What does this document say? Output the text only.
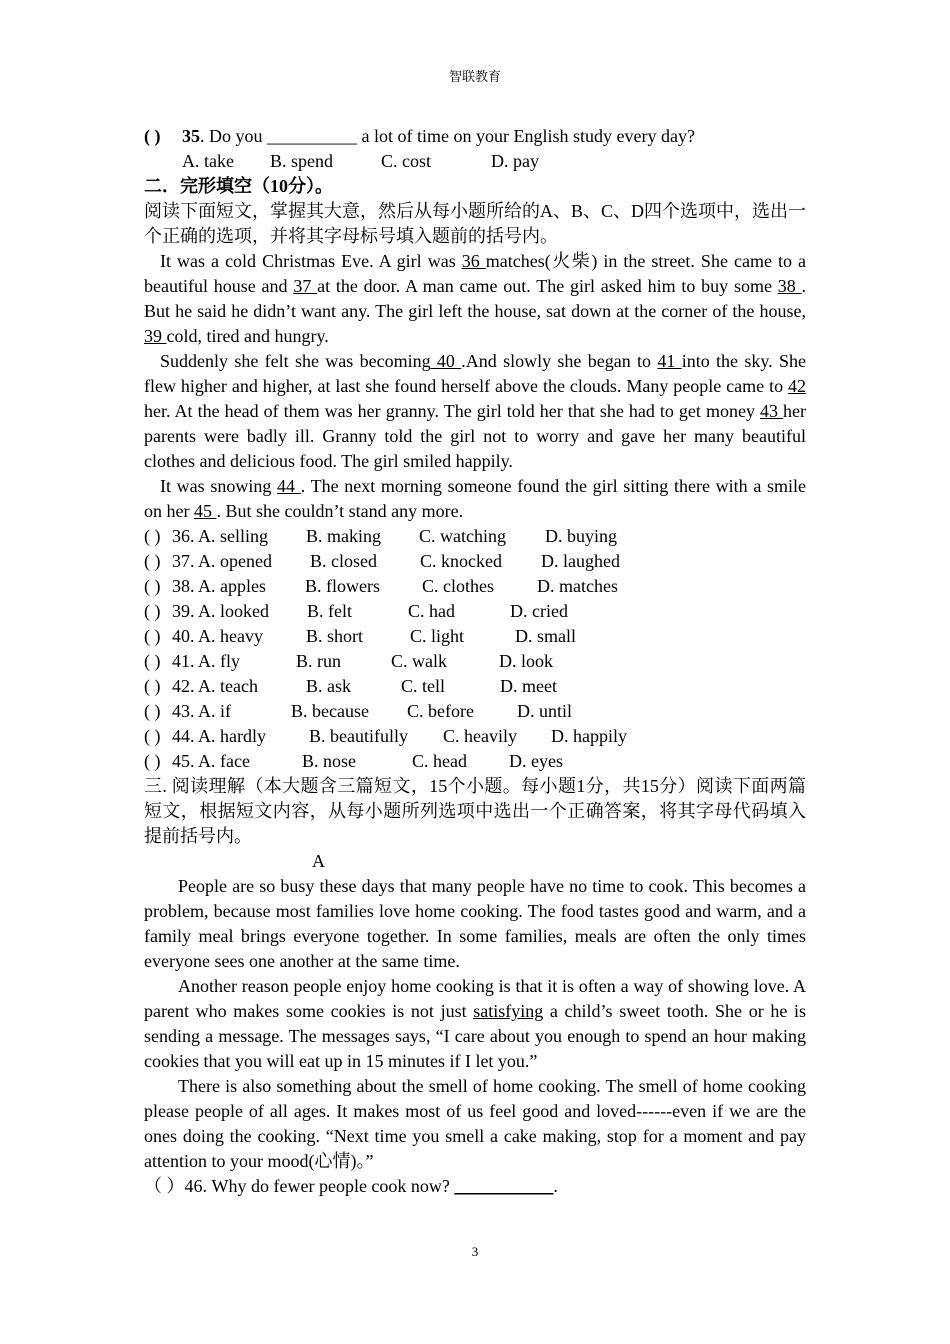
智联教育
( ) 35. Do you __________ a lot of time on your English study every day?
A. take B. spend	C. cost	D. pay
二．完形填空（10分）。
阅读下面短文，掌握其大意，然后从每小题所给的A、B、C、D四个选项中，选出一个正确的选项，并将其字母标号填入题前的括号内。
It was a cold Christmas Eve. A girl was 36 matches(火柴) in the street. She came to a beautiful house and 37 at the door. A man came out. The girl asked him to buy some 38 . But he said he didn’t want any. The girl left the house, sat down at the corner of the house, 39 cold, tired and hungry.
Suddenly she felt she was becoming 40 .And slowly she began to 41 into the sky. She flew higher and higher, at last she found herself above the clouds. Many people came to 42 her. At the head of them was her granny. The girl told her that she had to get money 43 her parents were badly ill. Granny told the girl not to worry and gave her many beautiful clothes and delicious food. The girl smiled happily.
It was snowing 44 . The next morning someone found the girl sitting there with a smile on her 45 . But she couldn’t stand any more.
( ) 36. A. selling B. making C. watching D. buying
( ) 37. A. opened B. closed C. knocked D. laughed
( ) 38. A. apples B. flowers C. clothes D. matches
( ) 39. A. looked B. felt	C. had	D. cried
( ) 40. A. heavy B. short	C. light	D. small
( ) 41. A. fly	B. run	C. walk	D. look
( ) 42. A. teach	B. ask	C. tell	D. meet
( ) 43. A. if	B. because C. before D. until
( ) 44. A. hardly B. beautifully C. heavily D. happily
( ) 45. A. face	B. nose	C. head D. eyes
三. 阅读理解（本大题含三篇短文，15个小题。每小题1分，共15分）阅读下面两篇短文，根据短文内容，从每小题所列选项中选出一个正确答案，将其字母代码填入提前括号内。
A
People are so busy these days that many people have no time to cook. This becomes a problem, because most families love home cooking. The food tastes good and warm, and a family meal brings everyone together. In some families, meals are often the only times everyone sees one another at the same time.
Another reason people enjoy home cooking is that it is often a way of showing love. A parent who makes some cookies is not just satisfying a child’s sweet tooth. She or he is sending a message. The messages says, “I care about you enough to spend an hour making cookies that you will eat up in 15 minutes if I let you.”
There is also something about the smell of home cooking. The smell of home cooking please people of all ages. It makes most of us feel good and loved------even if we are the ones doing the cooking. “Next time you smell a cake making, stop for a moment and pay attention to your mood(心情)。”
（ ）46. Why do fewer people cook now? ___________.
3
